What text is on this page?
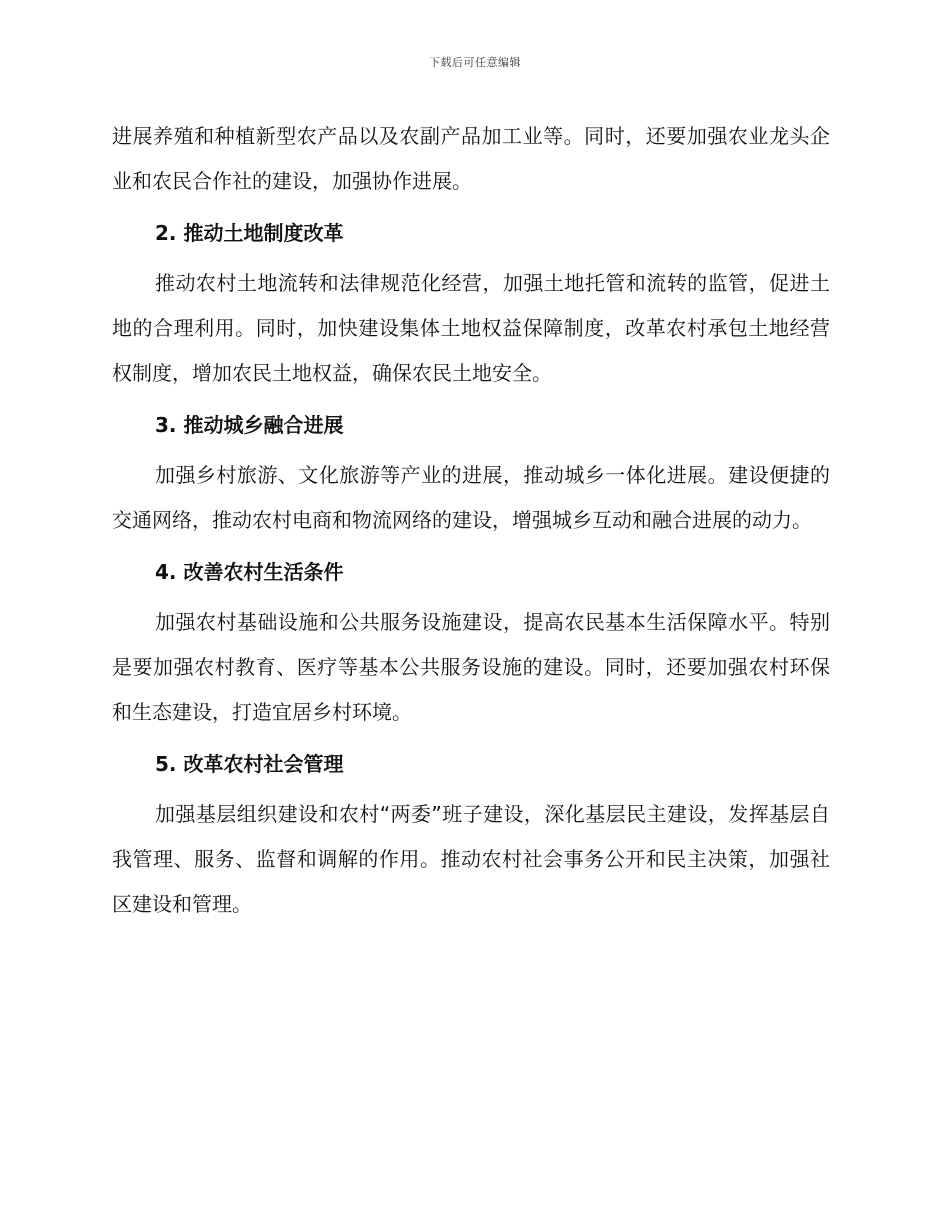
下载后可任意编辑

进展养殖和种植新型农产品以及农副产品加工业等。同时，还要加强农业龙头企业和农民合作社的建设，加强协作进展。

2. 推动土地制度改革

推动农村土地流转和法律规范化经营，加强土地托管和流转的监管，促进土地的合理利用。同时，加快建设集体土地权益保障制度，改革农村承包土地经营权制度，增加农民土地权益，确保农民土地安全。

3. 推动城乡融合进展

加强乡村旅游、文化旅游等产业的进展，推动城乡一体化进展。建设便捷的交通网络，推动农村电商和物流网络的建设，增强城乡互动和融合进展的动力。

4. 改善农村生活条件

加强农村基础设施和公共服务设施建设，提高农民基本生活保障水平。特别是要加强农村教育、医疗等基本公共服务设施的建设。同时，还要加强农村环保和生态建设，打造宜居乡村环境。

5. 改革农村社会管理

加强基层组织建设和农村“两委”班子建设，深化基层民主建设，发挥基层自我管理、服务、监督和调解的作用。推动农村社会事务公开和民主决策，加强社区建设和管理。
